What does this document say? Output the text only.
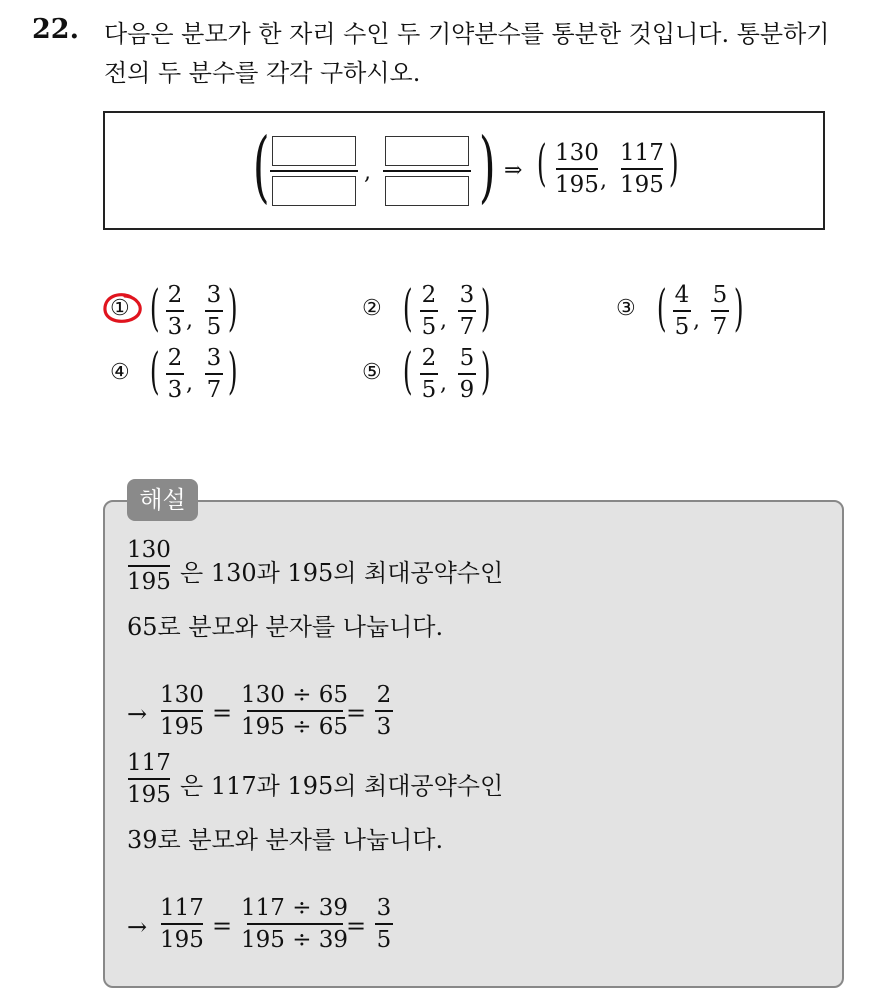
22. 다음은 분모가 한 자리 수인 두 기약분수를 통분한 것입니다. 통분하기
전의 두 분수를 각각 구하시오.
(	, ) ⇒ ( 130
195 ,
117
195 )
① ( 2
3 ,
3
5 )	② ( 2
5 ,
3
7 )	③ ( 4
5 ,
5
7 )
④ ( 2
3 ,
3
7 )	⑤ ( 2
5 ,
5
9 )
해설
130
195 은 130과 195의 최대공약수인
65로 분모와 분자를 나눕니다.
→
130
195 =
130 ÷ 65
195 ÷ 65
=
2
3
117
195 은 117과 195의 최대공약수인
39로 분모와 분자를 나눕니다.
→
117
195 =
117 ÷ 39
195 ÷ 39
=
3
5
